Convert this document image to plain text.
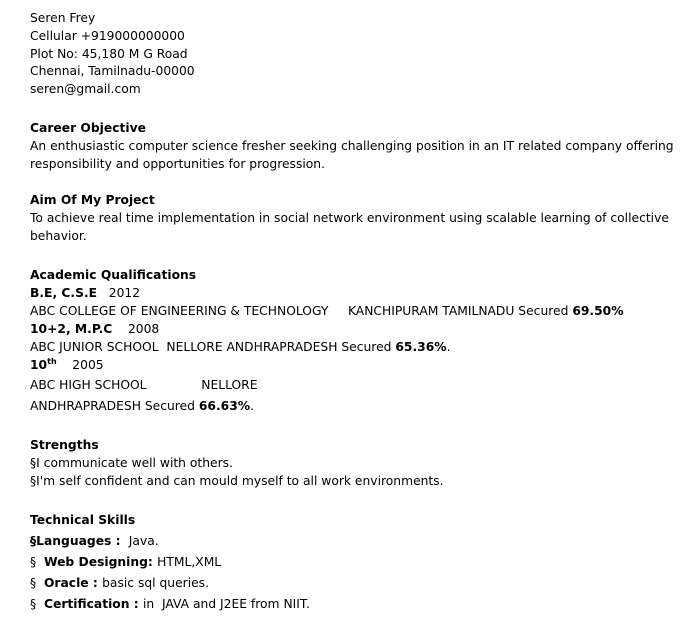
Seren Frey
Cellular +919000000000
Plot No: 45,180 M G Road
Chennai, Tamilnadu-00000
seren@gmail.com
Career Objective
An enthusiastic computer science fresher seeking challenging position in an IT related company offering
responsibility and opportunities for progression.
Aim Of My Project
To achieve real time implementation in social network environment using scalable learning of collective
behavior.
Academic Qualifications
B.E, C.S.E 2012
ABC COLLEGE OF ENGINEERING & TECHNOLOGY     KANCHIPURAM TAMILNADU Secured 69.50%
10+2, M.P.C 2008
ABC JUNIOR SCHOOL  NELLORE ANDHRAPRADESH Secured 65.36%.
10th 2005
ABC HIGH SCHOOL              NELLORE
ANDHRAPRADESH Secured 66.63%.
Strengths
§I communicate well with others.
§I'm self confident and can mould myself to all work environments.
Technical Skills
§Languages :  Java.
§  Web Designing: HTML,XML
§  Oracle : basic sql queries.
§  Certification : in  JAVA and J2EE from NIIT.
